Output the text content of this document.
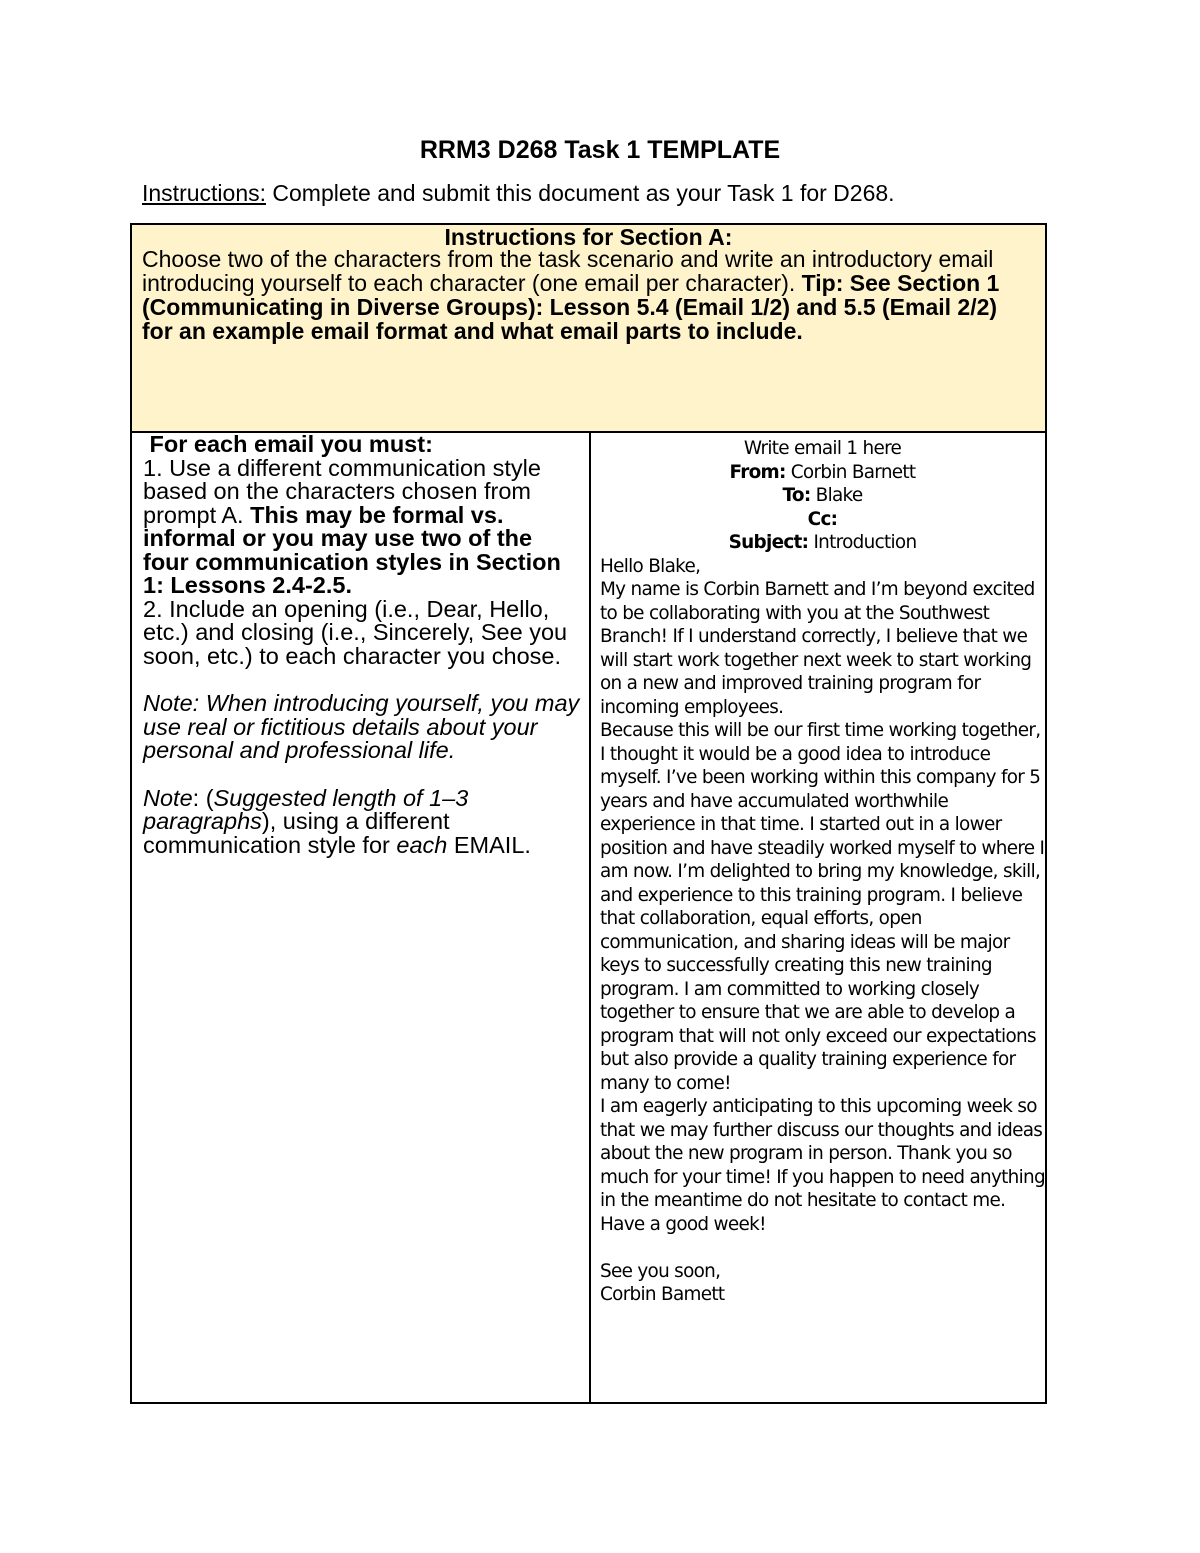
RRM3 D268 Task 1 TEMPLATE
Instructions: Complete and submit this document as your Task 1 for D268.
Instructions for Section A:
Choose two of the characters from the task scenario and write an introductory email introducing yourself to each character (one email per character). Tip: See Section 1 (Communicating in Diverse Groups): Lesson 5.4 (Email 1/2) and 5.5 (Email 2/2) for an example email format and what email parts to include.

For each email you must:

1. Use a different communication style based on the characters chosen from prompt A. This may be formal vs. informal or you may use two of the four communication styles in Section 1: Lessons 2.4-2.5.

2. Include an opening (i.e., Dear, Hello, etc.) and closing (i.e., Sincerely, See you soon, etc.) to each character you chose.

Note: When introducing yourself, you may use real or fictitious details about your personal and professional life.

Note: (Suggested length of 1–3 paragraphs), using a different communication style for each EMAIL.

Write email 1 here

From: Corbin Barnett

To: Blake

Cc:

Subject: Introduction

Hello Blake,

My name is Corbin Barnett and I’m beyond excited to be collaborating with you at the Southwest Branch! If I understand correctly, I believe that we will start work together next week to start working on a new and improved training program for incoming employees.

Because this will be our first time working together, I thought it would be a good idea to introduce myself. I’ve been working within this company for 5 years and have accumulated worthwhile experience in that time. I started out in a lower position and have steadily worked myself to where I am now. I’m delighted to bring my knowledge, skill, and experience to this training program. I believe that collaboration, equal efforts, open communication, and sharing ideas will be major keys to successfully creating this new training program. I am committed to working closely together to ensure that we are able to develop a program that will not only exceed our expectations but also provide a quality training experience for many to come!

I am eagerly anticipating to this upcoming week so that we may further discuss our thoughts and ideas about the new program in person. Thank you so much for your time! If you happen to need anything in the meantime do not hesitate to contact me.

Have a good week!

See you soon,

Corbin Bamett
